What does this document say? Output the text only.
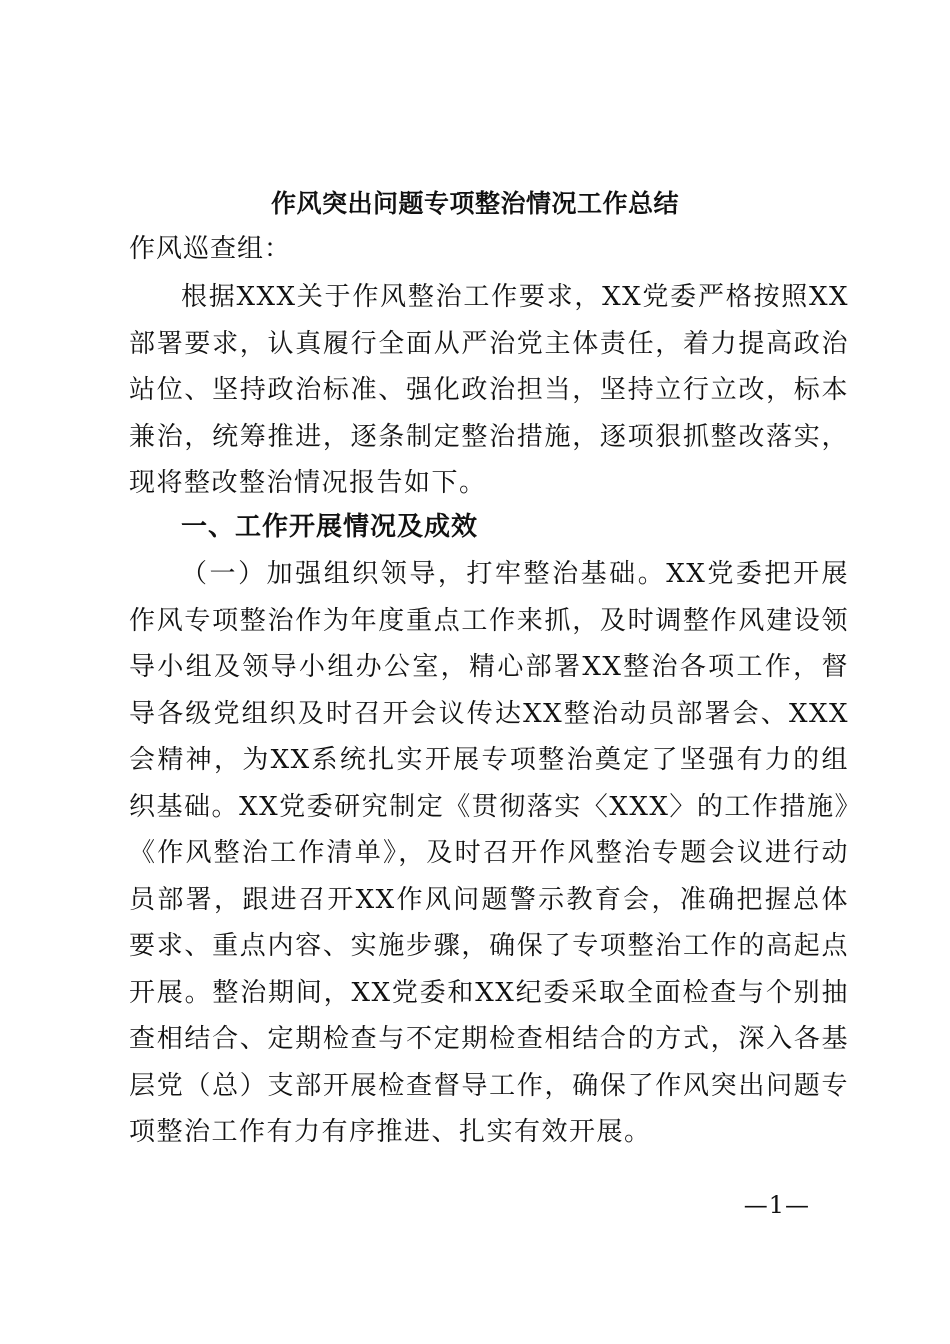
作风突出问题专项整治情况工作总结
作风巡查组：

根据XXX关于作风整治工作要求，XX党委严格按照XX部署要求，认真履行全面从严治党主体责任，着力提高政治站位、坚持政治标准、强化政治担当，坚持立行立改，标本兼治，统筹推进，逐条制定整治措施，逐项狠抓整改落实，现将整改整治情况报告如下。

一、工作开展情况及成效

（一）加强组织领导，打牢整治基础。XX党委把开展作风专项整治作为年度重点工作来抓，及时调整作风建设领导小组及领导小组办公室，精心部署XX整治各项工作，督导各级党组织及时召开会议传达XX整治动员部署会、XXX会精神，为XX系统扎实开展专项整治奠定了坚强有力的组织基础。XX党委研究制定《贯彻落实〈XXX〉的工作措施》《作风整治工作清单》，及时召开作风整治专题会议进行动员部署，跟进召开XX作风问题警示教育会，准确把握总体要求、重点内容、实施步骤，确保了专项整治工作的高起点开展。整治期间，XX党委和XX纪委采取全面检查与个别抽查相结合、定期检查与不定期检查相结合的方式，深入各基层党（总）支部开展检查督导工作，确保了作风突出问题专项整治工作有力有序推进、扎实有效开展。

—1—
